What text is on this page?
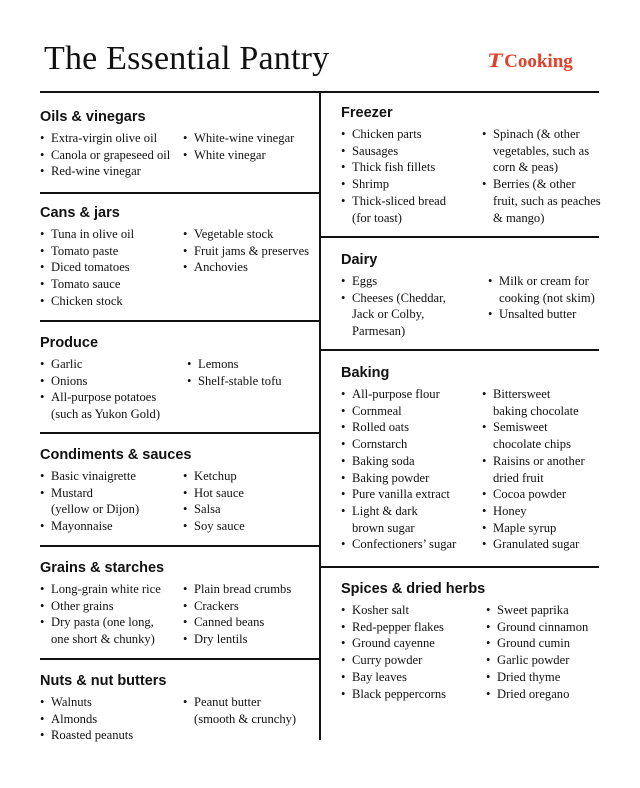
The Essential Pantry	T Cooking
Oils & vinegars
• Extra-virgin olive oil
• Canola or grapeseed oil
• Red-wine vinegar
• White-wine vinegar
• White vinegar
Cans & jars
• Tuna in olive oil
• Tomato paste
• Diced tomatoes
• Tomato sauce
• Chicken stock
• Vegetable stock
• Fruit jams & preserves
• Anchovies
Produce
• Garlic
• Onions
• All-purpose potatoes
(such as Yukon Gold)
• Lemons
• Shelf-stable tofu
Condiments & sauces
• Basic vinaigrette
• Mustard
(yellow or Dijon)
• Mayonnaise
• Ketchup
• Hot sauce
• Salsa
• Soy sauce
Grains & starches
• Long-grain white rice
• Other grains
• Dry pasta (one long,
one short & chunky)
• Plain bread crumbs
• Crackers
• Canned beans
• Dry lentils
Nuts & nut butters
• Walnuts
• Almonds
• Roasted peanuts
• Peanut butter
(smooth & crunchy)
Freezer
• Chicken parts
• Sausages
• Thick fish fillets
• Shrimp
• Thick-sliced bread
(for toast)
• Spinach (& other
vegetables, such as
corn & peas)
• Berries (& other
fruit, such as peaches
& mango)
Dairy
• Eggs
• Cheeses (Cheddar,
Jack or Colby,
Parmesan)
• Milk or cream for
cooking (not skim)
• Unsalted butter
Baking
• All-purpose flour
• Cornmeal
• Rolled oats
• Cornstarch
• Baking soda
• Baking powder
• Pure vanilla extract
• Light & dark
brown sugar
• Confectioners’ sugar
• Bittersweet
baking chocolate
• Semisweet
chocolate chips
• Raisins or another
dried fruit
• Cocoa powder
• Honey
• Maple syrup
• Granulated sugar
Spices & dried herbs
• Kosher salt
• Red-pepper flakes
• Ground cayenne
• Curry powder
• Bay leaves
• Black peppercorns
• Sweet paprika
• Ground cinnamon
• Ground cumin
• Garlic powder
• Dried thyme
• Dried oregano
